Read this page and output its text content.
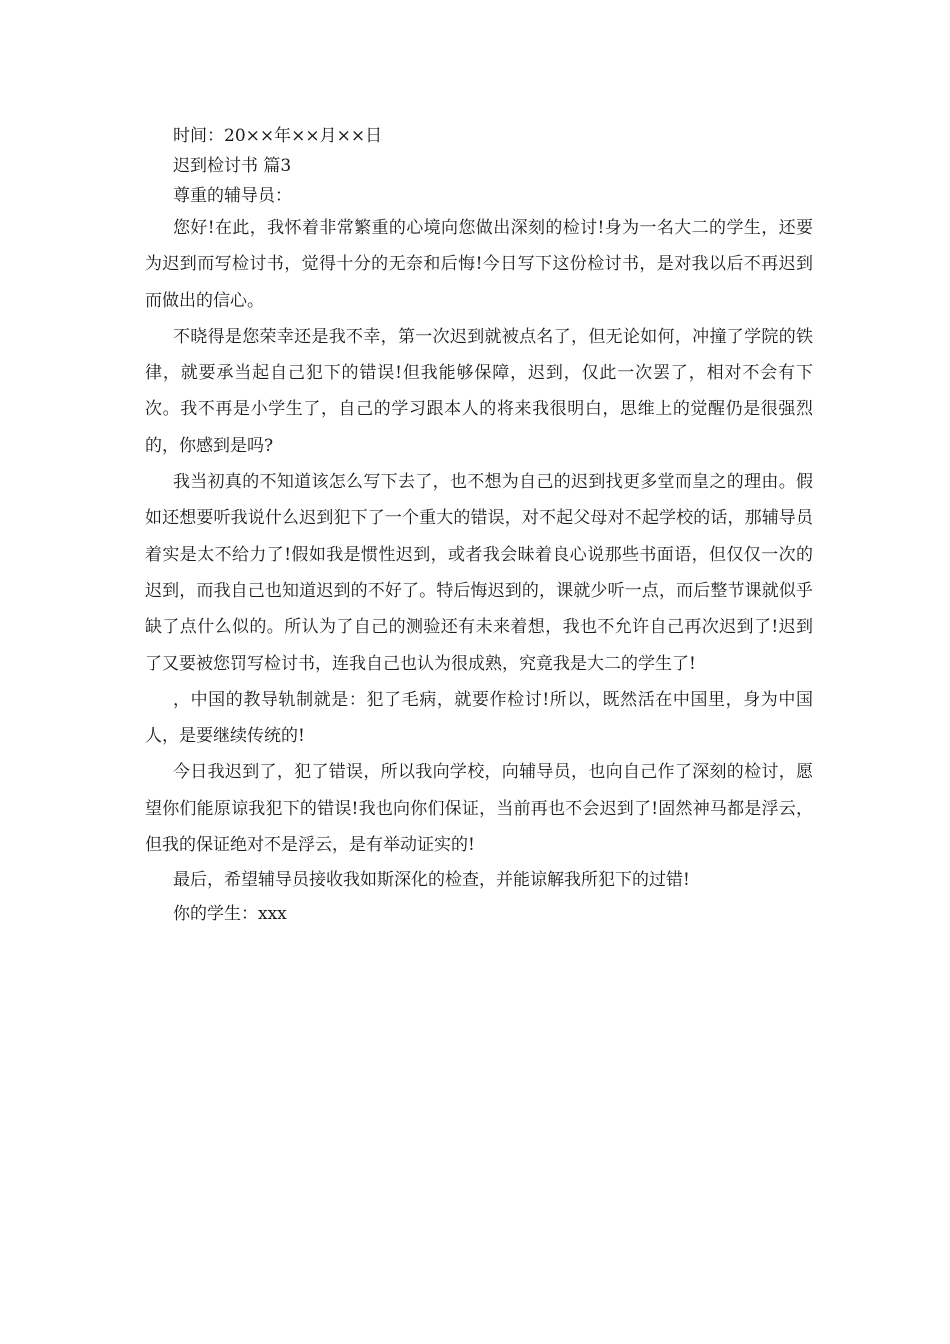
时间：20××年××月××日

迟到检讨书 篇3

尊重的辅导员：

您好!在此，我怀着非常繁重的心境向您做出深刻的检讨!身为一名大二的学生，还要为迟到而写检讨书，觉得十分的无奈和后悔!今日写下这份检讨书，是对我以后不再迟到而做出的信心。

不晓得是您荣幸还是我不幸，第一次迟到就被点名了，但无论如何，冲撞了学院的铁律，就要承当起自己犯下的错误!但我能够保障，迟到，仅此一次罢了，相对不会有下次。我不再是小学生了，自己的学习跟本人的将来我很明白，思维上的觉醒仍是很强烈的，你感到是吗?

我当初真的不知道该怎么写下去了，也不想为自己的迟到找更多堂而皇之的理由。假如还想要听我说什么迟到犯下了一个重大的错误，对不起父母对不起学校的话，那辅导员着实是太不给力了!假如我是惯性迟到，或者我会昧着良心说那些书面语，但仅仅一次的迟到，而我自己也知道迟到的不好了。特后悔迟到的，课就少听一点，而后整节课就似乎缺了点什么似的。所认为了自己的测验还有未来着想，我也不允许自己再次迟到了!迟到了又要被您罚写检讨书，连我自己也认为很成熟，究竟我是大二的学生了!

，中国的教导轨制就是：犯了毛病，就要作检讨!所以，既然活在中国里，身为中国人，是要继续传统的!

今日我迟到了，犯了错误，所以我向学校，向辅导员，也向自己作了深刻的检讨，愿望你们能原谅我犯下的错误!我也向你们保证，当前再也不会迟到了!固然神马都是浮云，但我的保证绝对不是浮云，是有举动证实的!

最后，希望辅导员接收我如斯深化的检查，并能谅解我所犯下的过错!

你的学生：xxx
